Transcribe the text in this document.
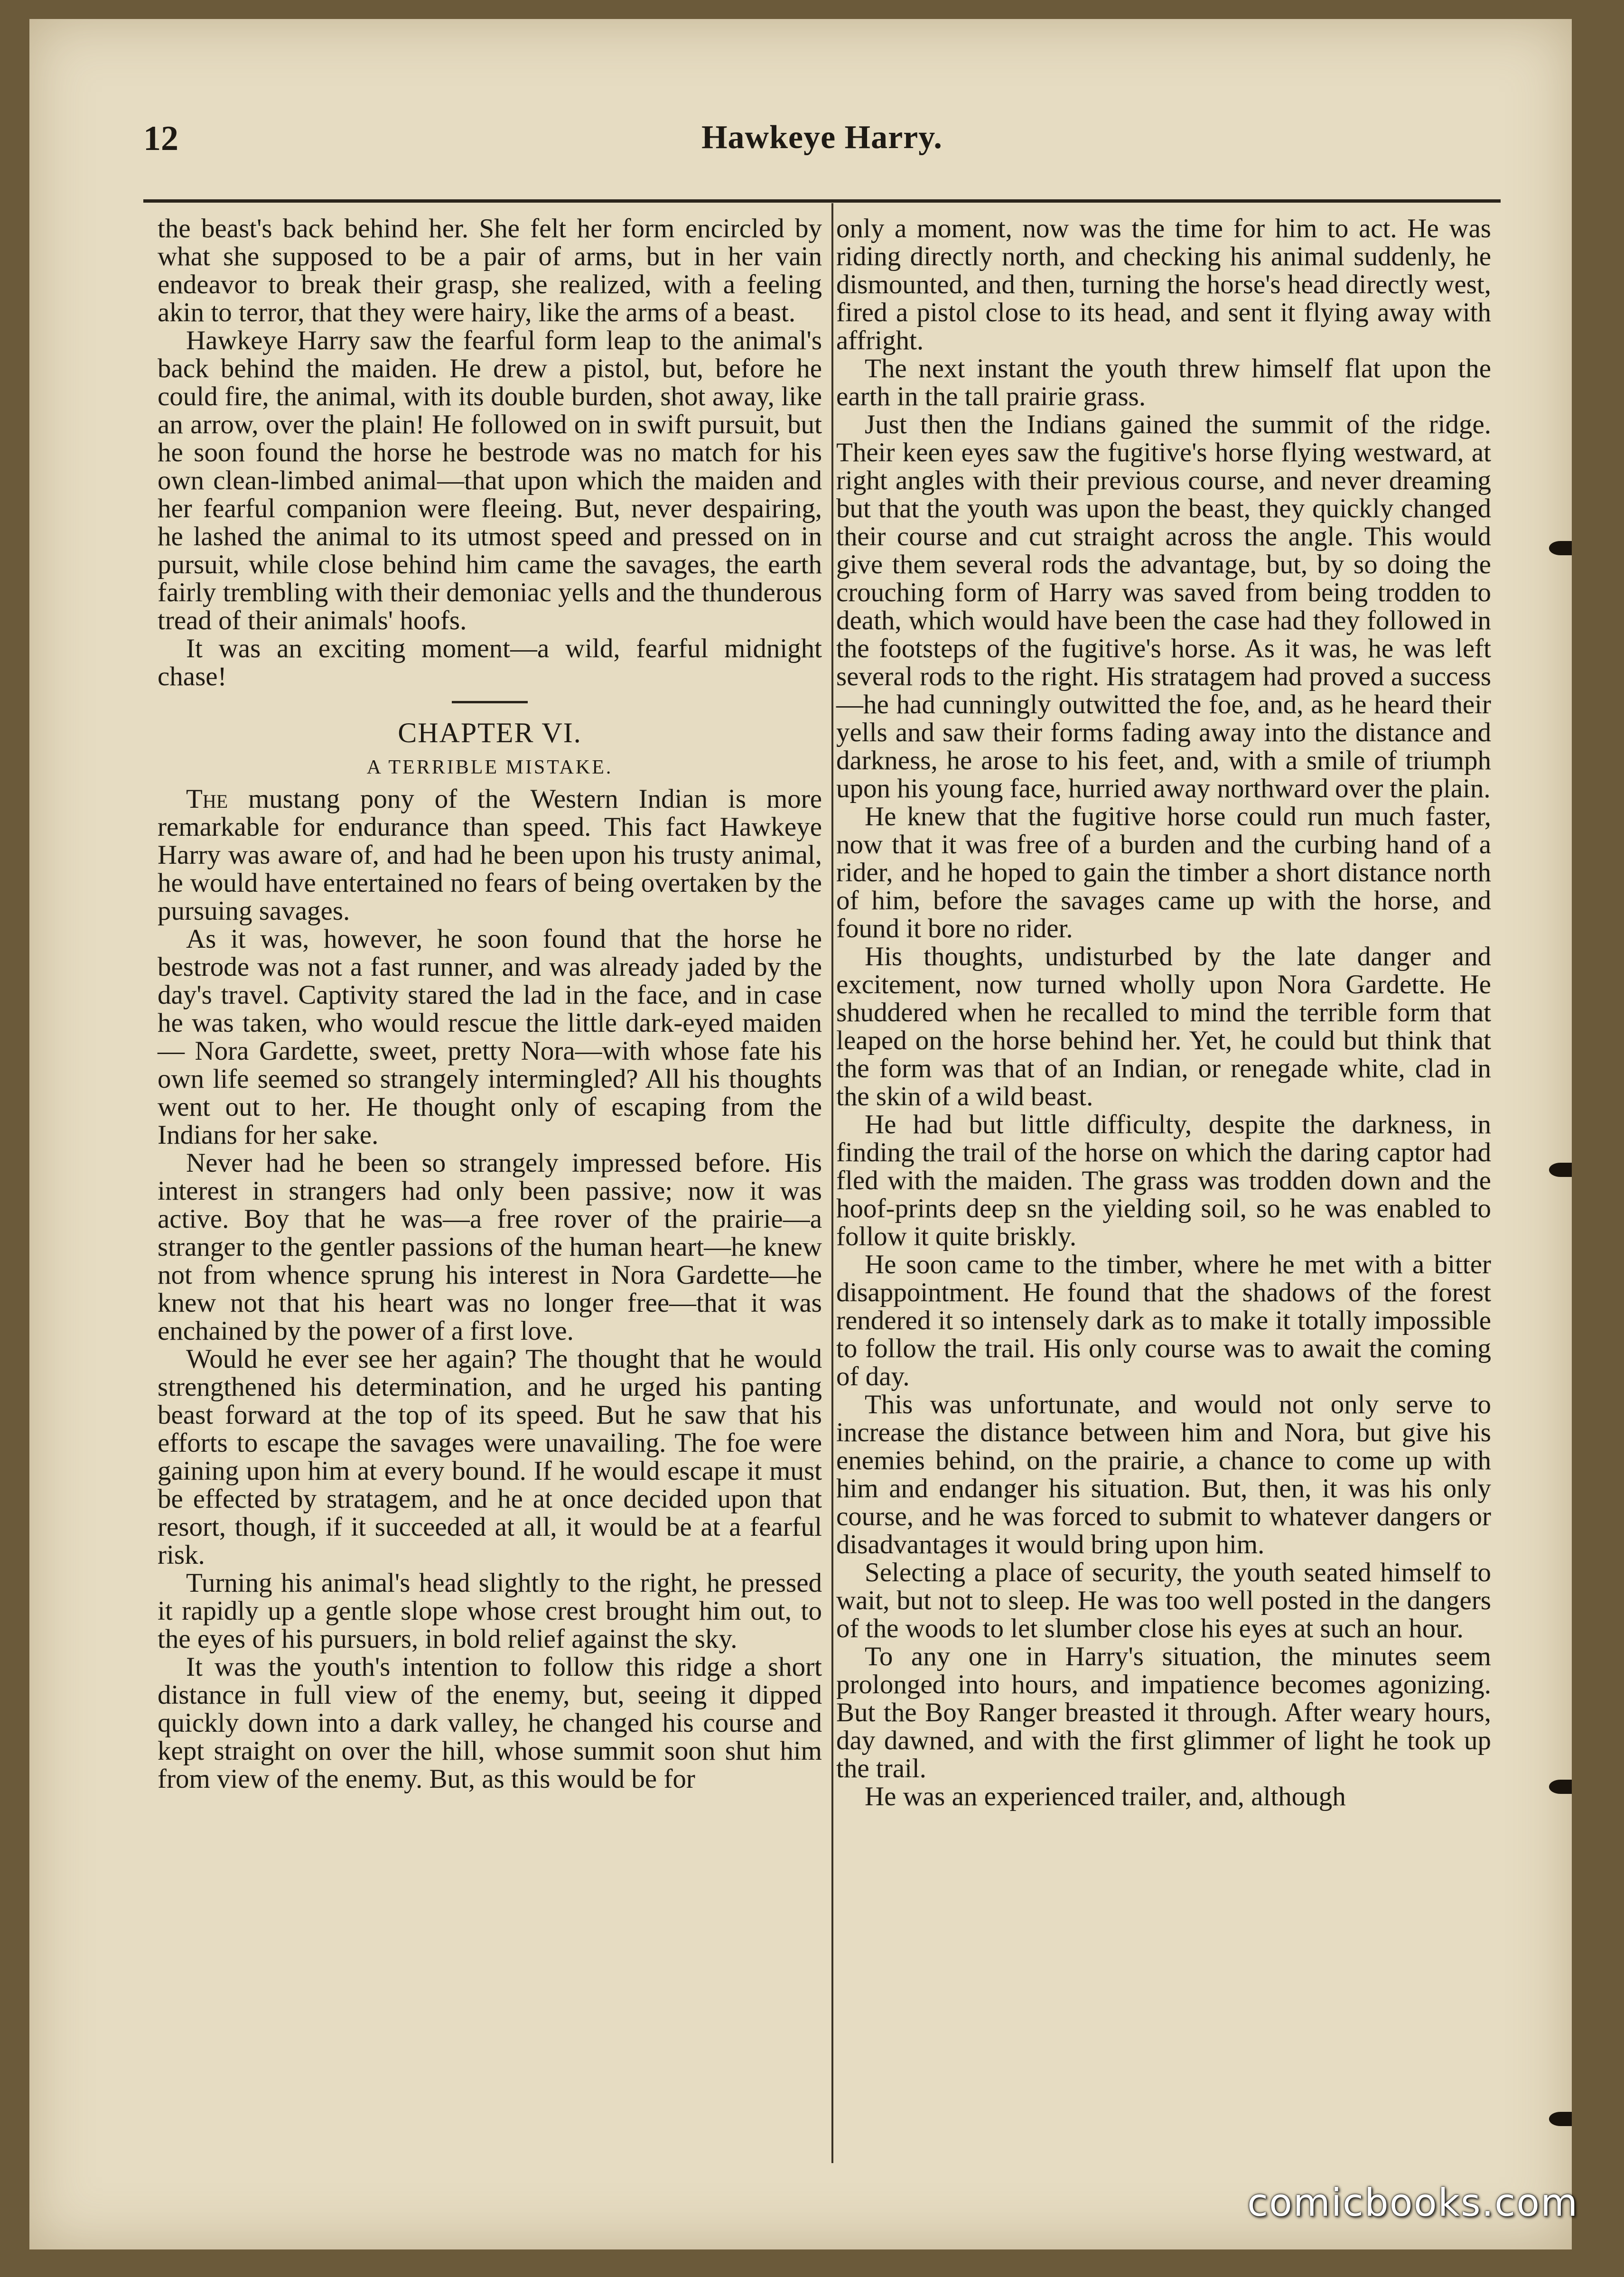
12	Hawkeye Harry.

the beast's back behind her. She felt her form encircled by what she supposed to be a pair of arms, but in her vain endeavor to break their grasp, she realized, with a feeling akin to terror, that they were hairy, like the arms of a beast.

Hawkeye Harry saw the fearful form leap to the animal's back behind the maiden. He drew a pistol, but, before he could fire, the animal, with its double burden, shot away, like an arrow, over the plain! He followed on in swift pursuit, but he soon found the horse he bestrode was no match for his own clean-limbed animal—that upon which the maiden and her fearful companion were fleeing. But, never despairing, he lashed the animal to its utmost speed and pressed on in pursuit, while close behind him came the savages, the earth fairly trembling with their demoniac yells and the thunderous tread of their animals' hoofs.

It was an exciting moment—a wild, fearful midnight chase!

CHAPTER VI.
A TERRIBLE MISTAKE.

The mustang pony of the Western Indian is more remarkable for endurance than speed. This fact Hawkeye Harry was aware of, and had he been upon his trusty animal, he would have entertained no fears of being overtaken by the pursuing savages.

As it was, however, he soon found that the horse he bestrode was not a fast runner, and was already jaded by the day's travel. Captivity stared the lad in the face, and in case he was taken, who would rescue the little dark-eyed maiden — Nora Gardette, sweet, pretty Nora—with whose fate his own life seemed so strangely intermingled? All his thoughts went out to her. He thought only of escaping from the Indians for her sake.

Never had he been so strangely impressed before. His interest in strangers had only been passive; now it was active. Boy that he was—a free rover of the prairie—a stranger to the gentler passions of the human heart—he knew not from whence sprung his interest in Nora Gardette—he knew not that his heart was no longer free—that it was enchained by the power of a first love.

Would he ever see her again? The thought that he would strengthened his determination, and he urged his panting beast forward at the top of its speed. But he saw that his efforts to escape the savages were unavailing. The foe were gaining upon him at every bound. If he would escape it must be effected by stratagem, and he at once decided upon that resort, though, if it succeeded at all, it would be at a fearful risk.

Turning his animal's head slightly to the right, he pressed it rapidly up a gentle slope whose crest brought him out, to the eyes of his pursuers, in bold relief against the sky.

It was the youth's intention to follow this ridge a short distance in full view of the enemy, but, seeing it dipped quickly down into a dark valley, he changed his course and kept straight on over the hill, whose summit soon shut him from view of the enemy. But, as this would be for

only a moment, now was the time for him to act. He was riding directly north, and checking his animal suddenly, he dismounted, and then, turning the horse's head directly west, fired a pistol close to its head, and sent it flying away with affright.

The next instant the youth threw himself flat upon the earth in the tall prairie grass.

Just then the Indians gained the summit of the ridge. Their keen eyes saw the fugitive's horse flying westward, at right angles with their previous course, and never dreaming but that the youth was upon the beast, they quickly changed their course and cut straight across the angle. This would give them several rods the advantage, but, by so doing the crouching form of Harry was saved from being trodden to death, which would have been the case had they followed in the footsteps of the fugitive's horse. As it was, he was left several rods to the right. His stratagem had proved a success—he had cunningly outwitted the foe, and, as he heard their yells and saw their forms fading away into the distance and darkness, he arose to his feet, and, with a smile of triumph upon his young face, hurried away northward over the plain.

He knew that the fugitive horse could run much faster, now that it was free of a burden and the curbing hand of a rider, and he hoped to gain the timber a short distance north of him, before the savages came up with the horse, and found it bore no rider.

His thoughts, undisturbed by the late danger and excitement, now turned wholly upon Nora Gardette. He shuddered when he recalled to mind the terrible form that leaped on the horse behind her. Yet, he could but think that the form was that of an Indian, or renegade white, clad in the skin of a wild beast.

He had but little difficulty, despite the darkness, in finding the trail of the horse on which the daring captor had fled with the maiden. The grass was trodden down and the hoof-prints deep sn the yielding soil, so he was enabled to follow it quite briskly.

He soon came to the timber, where he met with a bitter disappointment. He found that the shadows of the forest rendered it so intensely dark as to make it totally impossible to follow the trail. His only course was to await the coming of day.

This was unfortunate, and would not only serve to increase the distance between him and Nora, but give his enemies behind, on the prairie, a chance to come up with him and endanger his situation. But, then, it was his only course, and he was forced to submit to whatever dangers or disadvantages it would bring upon him.

Selecting a place of security, the youth seated himself to wait, but not to sleep. He was too well posted in the dangers of the woods to let slumber close his eyes at such an hour.

To any one in Harry's situation, the minutes seem prolonged into hours, and impatience becomes agonizing. But the Boy Ranger breasted it through. After weary hours, day dawned, and with the first glimmer of light he took up the trail.

He was an experienced trailer, and, although

comicbooks.com
